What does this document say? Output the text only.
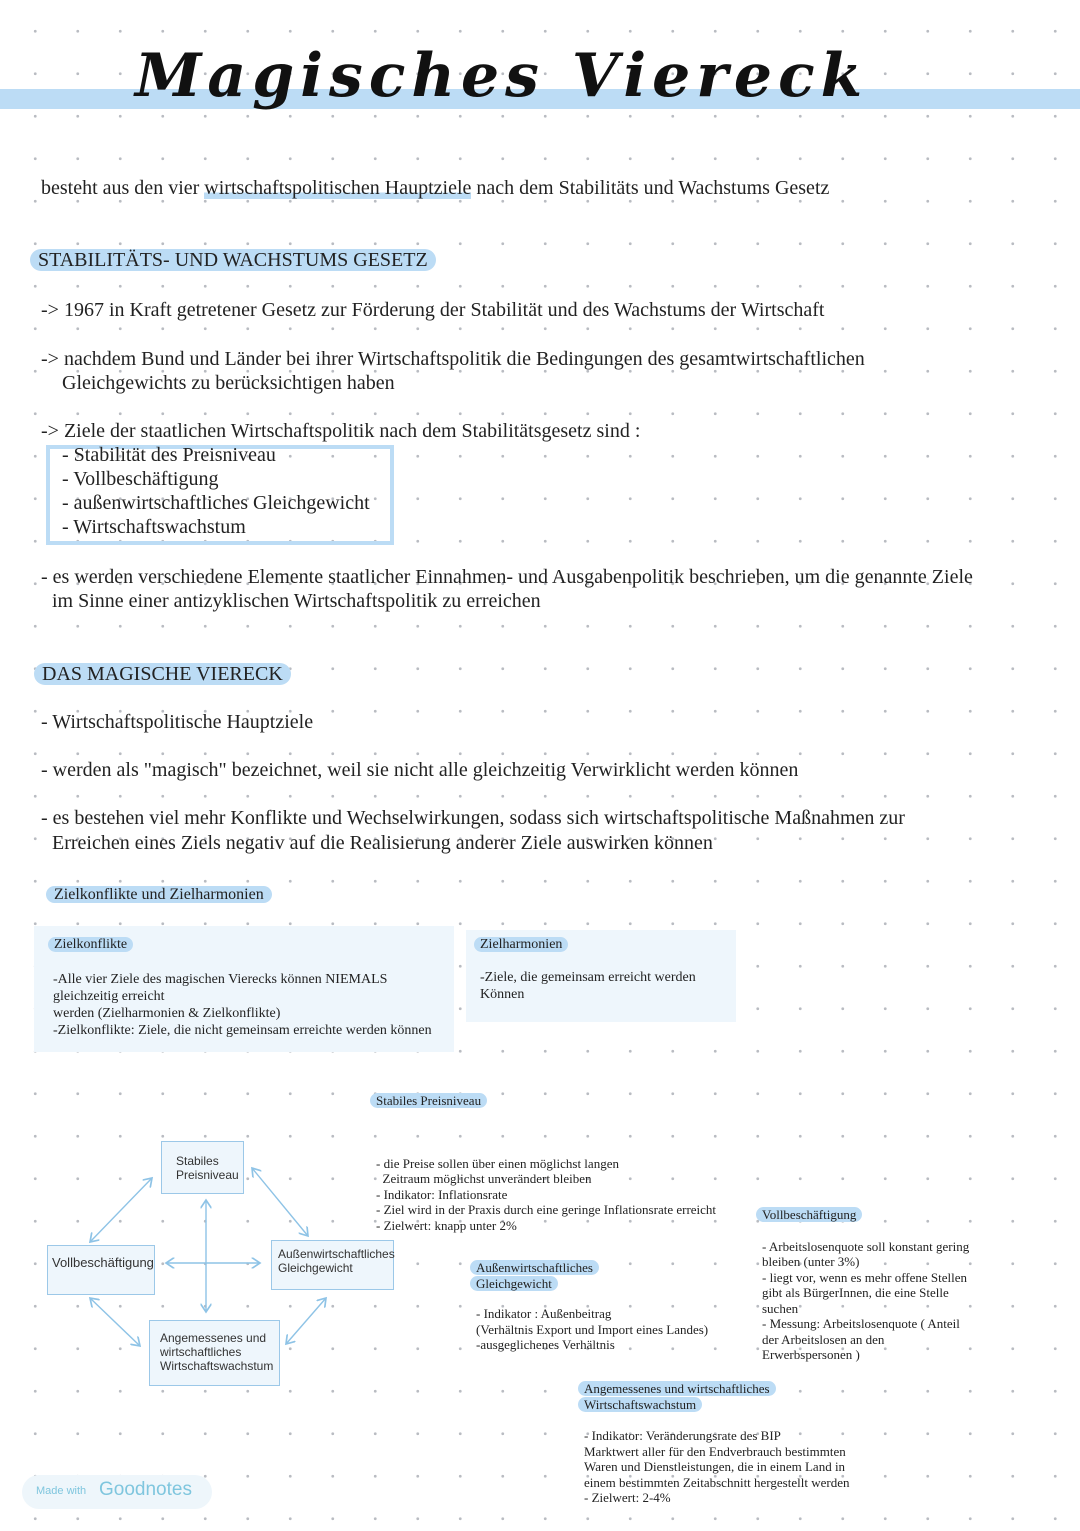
Magisches Viereck
besteht aus den vier wirtschaftspolitischen Hauptziele nach dem Stabilitäts und Wachstums Gesetz
STABILITÄTS- UND WACHSTUMS GESETZ
-> 1967 in Kraft getretener Gesetz zur Förderung der Stabilität und des Wachstums der Wirtschaft
-> nachdem Bund und Länder bei ihrer Wirtschaftspolitik die Bedingungen des gesamtwirtschaftlichen
Gleichgewichts zu berücksichtigen haben
-> Ziele der staatlichen Wirtschaftspolitik nach dem Stabilitätsgesetz sind :
- Stabilität des Preisniveau
- Vollbeschäftigung
- außenwirtschaftliches Gleichgewicht
- Wirtschaftswachstum
- es werden verschiedene Elemente staatlicher Einnahmen- und Ausgabenpolitik beschrieben, um die genannte Ziele
im Sinne einer antizyklischen Wirtschaftspolitik zu erreichen
DAS MAGISCHE VIERECK
- Wirtschaftspolitische Hauptziele
- werden als "magisch" bezeichnet, weil sie nicht alle gleichzeitig Verwirklicht werden können
- es bestehen viel mehr Konflikte und Wechselwirkungen, sodass sich wirtschaftspolitische Maßnahmen zur
Erreichen eines Ziels negativ auf die Realisierung anderer Ziele auswirken können
Zielkonflikte und Zielharmonien
Zielkonflikte
-Alle vier Ziele des magischen Vierecks können NIEMALS
gleichzeitig erreicht
werden (Zielharmonien & Zielkonflikte)
-Zielkonflikte: Ziele, die nicht gemeinsam erreichte werden können
Zielharmonien
-Ziele, die gemeinsam erreicht werden
Können
Stabiles Preisniveau
Vollbeschäftigung
Außenwirtschaftliches Gleichgewicht
Angemessenes und wirtschaftliches Wirtschaftswachstum
Stabiles Preisniveau

- die Preise sollen über einen möglichst langen
Zeitraum möglichst unverändert bleiben
- Indikator: Inflationsrate
- Ziel wird in der Praxis durch eine geringe Inflationsrate erreicht
- Zielwert: knapp unter 2%

Vollbeschäftigung
- Arbeitslosenquote soll konstant gering
bleiben (unter 3%)
- liegt vor, wenn es mehr offene Stellen
gibt als BürgerInnen, die eine Stelle
suchen
- Messung: Arbeitslosenquote ( Anteil
der Arbeitslosen an den
Erwerbspersonen )
Außenwirtschaftliches
Gleichgewicht
- Indikator : Außenbeitrag
(Verhältnis Export und Import eines Landes)
-ausgeglichenes Verhältnis
Angemessenes und wirtschaftliches
Wirtschaftswachstum
- Indikator: Veränderungsrate des BIP
Marktwert aller für den Endverbrauch bestimmten
Waren und Dienstleistungen, die in einem Land in
einem bestimmten Zeitabschnitt hergestellt werden
- Zielwert: 2-4%
Made with Goodnotes
